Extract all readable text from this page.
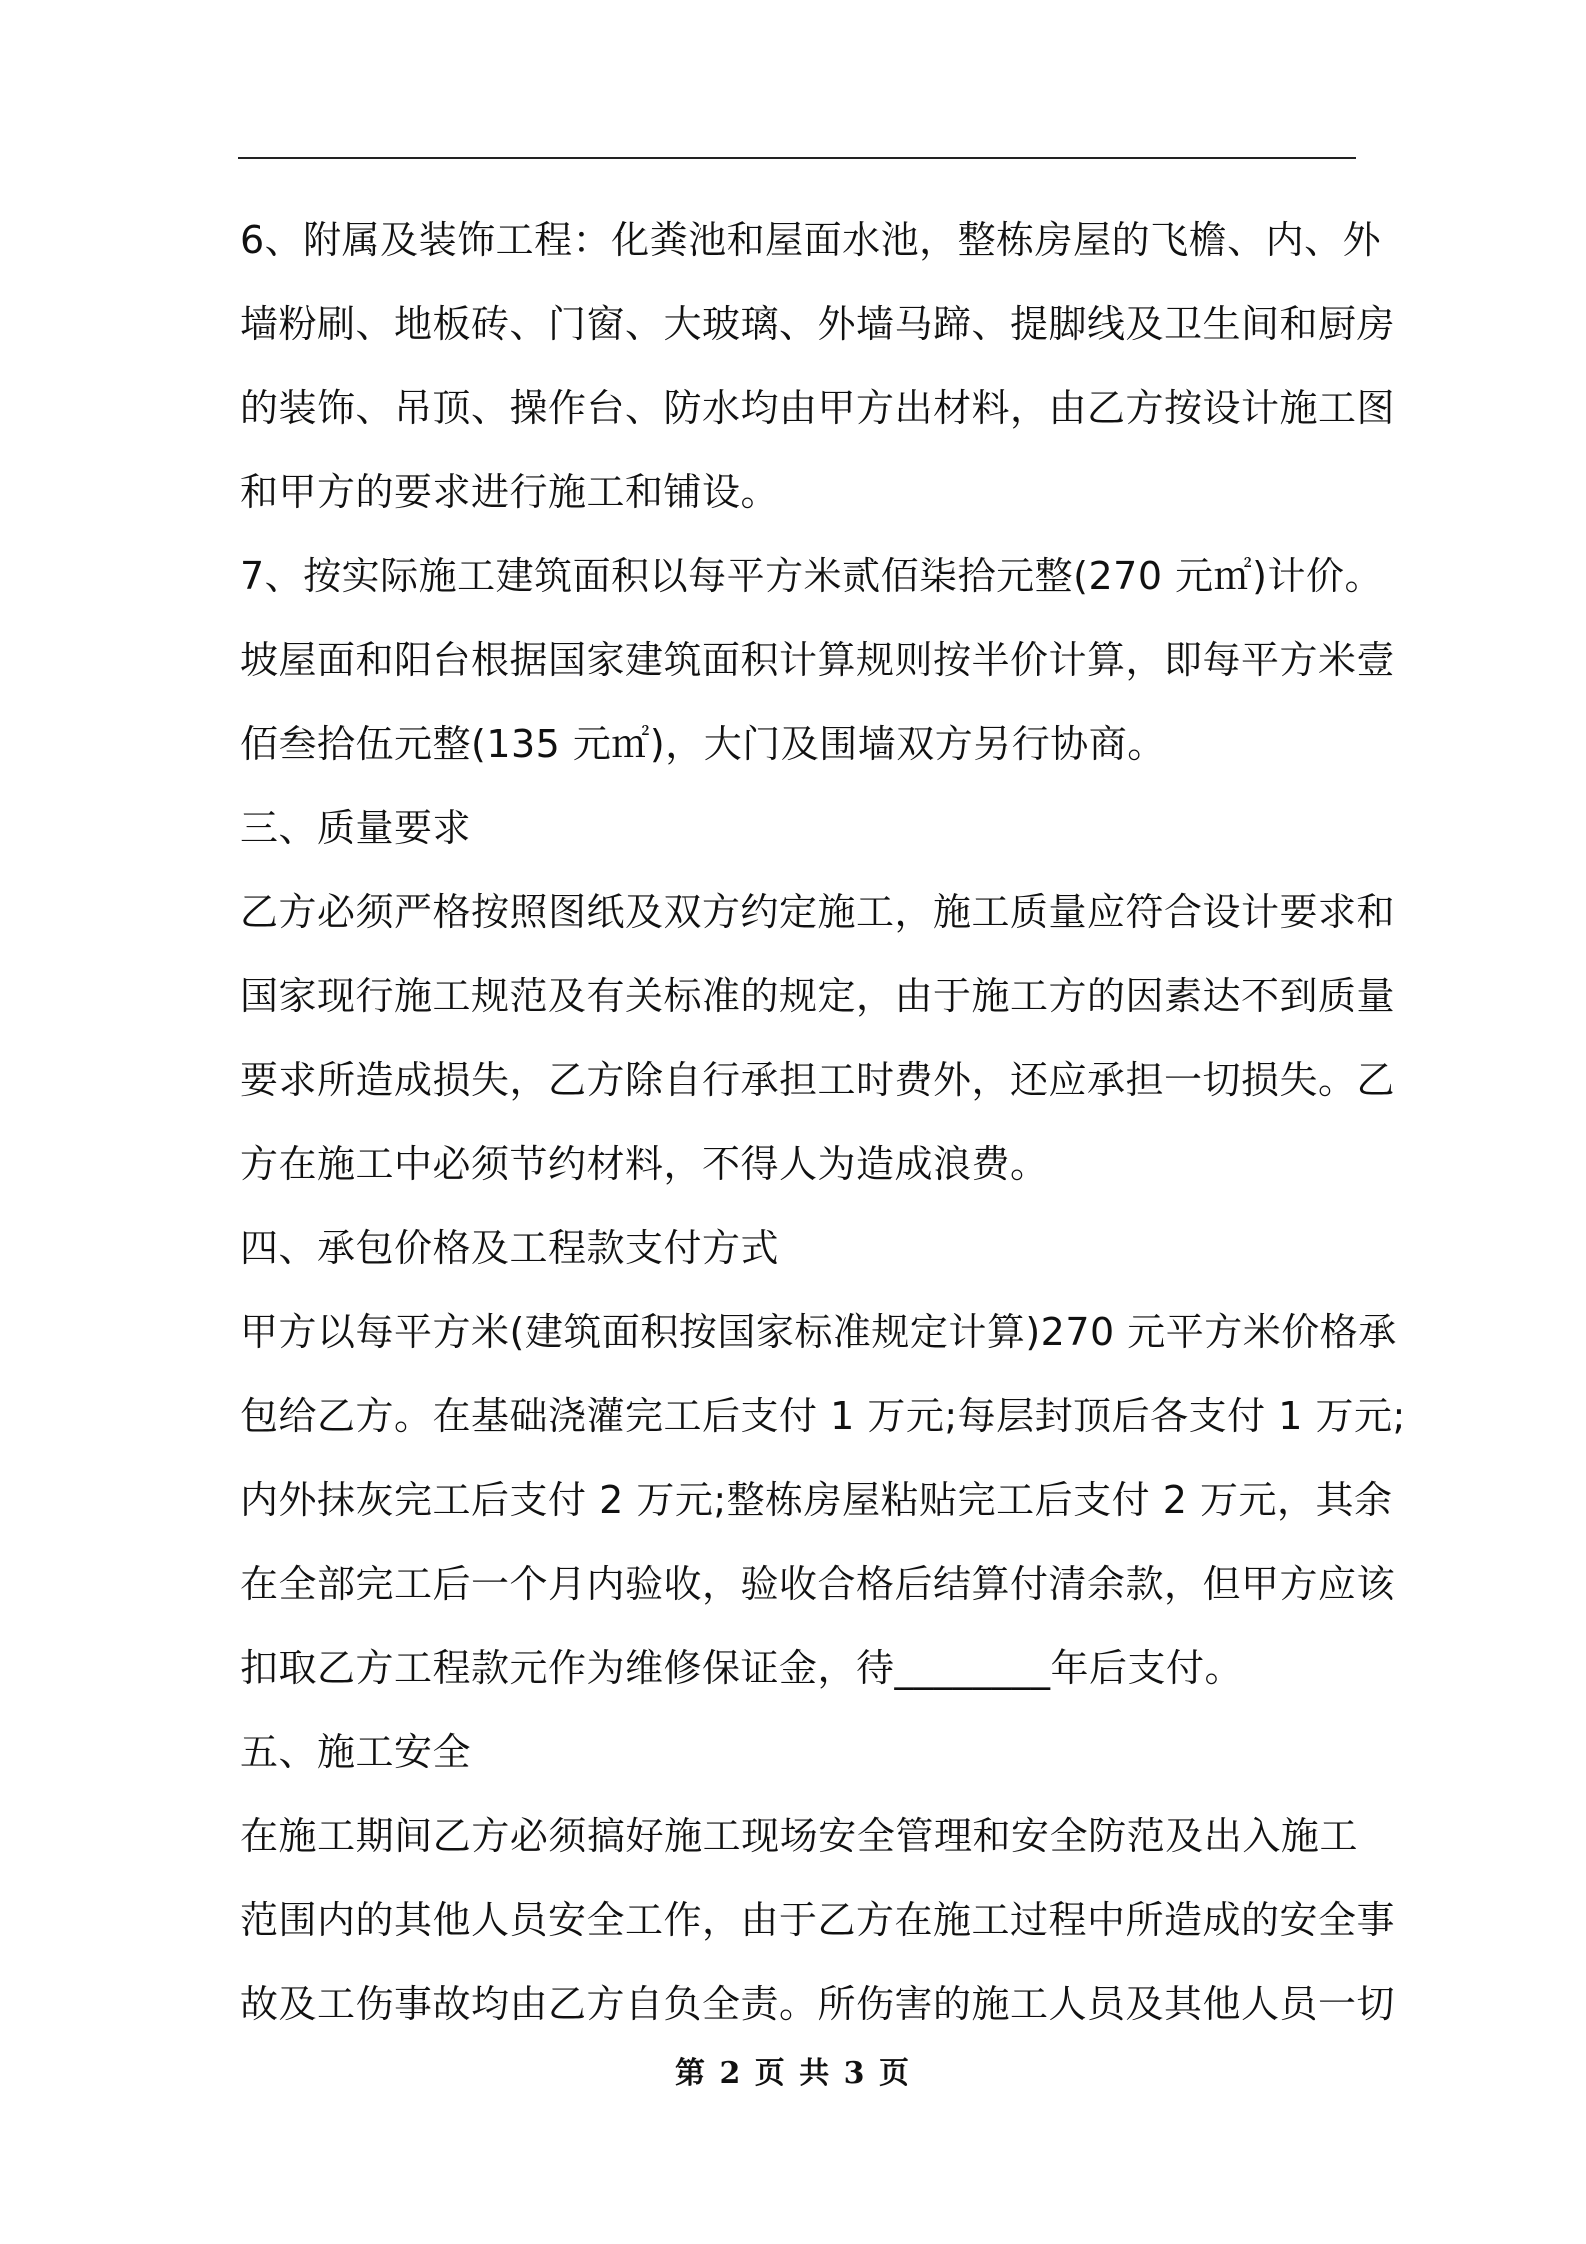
6、附属及装饰工程：化粪池和屋面水池，整栋房屋的飞檐、内、外
墙粉刷、地板砖、门窗、大玻璃、外墙马蹄、提脚线及卫生间和厨房
的装饰、吊顶、操作台、防水均由甲方出材料，由乙方按设计施工图
和甲方的要求进行施工和铺设。
7、按实际施工建筑面积以每平方米贰佰柒拾元整(270 元㎡)计价。
坡屋面和阳台根据国家建筑面积计算规则按半价计算，即每平方米壹
佰叁拾伍元整(135 元㎡)，大门及围墙双方另行协商。
三、质量要求
乙方必须严格按照图纸及双方约定施工，施工质量应符合设计要求和
国家现行施工规范及有关标准的规定，由于施工方的因素达不到质量
要求所造成损失，乙方除自行承担工时费外，还应承担一切损失。乙
方在施工中必须节约材料，不得人为造成浪费。
四、承包价格及工程款支付方式
甲方以每平方米(建筑面积按国家标准规定计算)270 元平方米价格承
包给乙方。在基础浇灌完工后支付 1 万元;每层封顶后各支付 1 万元;
内外抹灰完工后支付 2 万元;整栋房屋粘贴完工后支付 2 万元，其余
在全部完工后一个月内验收，验收合格后结算付清余款，但甲方应该
扣取乙方工程款元作为维修保证金，待________年后支付。
五、施工安全
在施工期间乙方必须搞好施工现场安全管理和安全防范及出入施工
范围内的其他人员安全工作，由于乙方在施工过程中所造成的安全事
故及工伤事故均由乙方自负全责。所伤害的施工人员及其他人员一切
第 2 页 共 3 页
